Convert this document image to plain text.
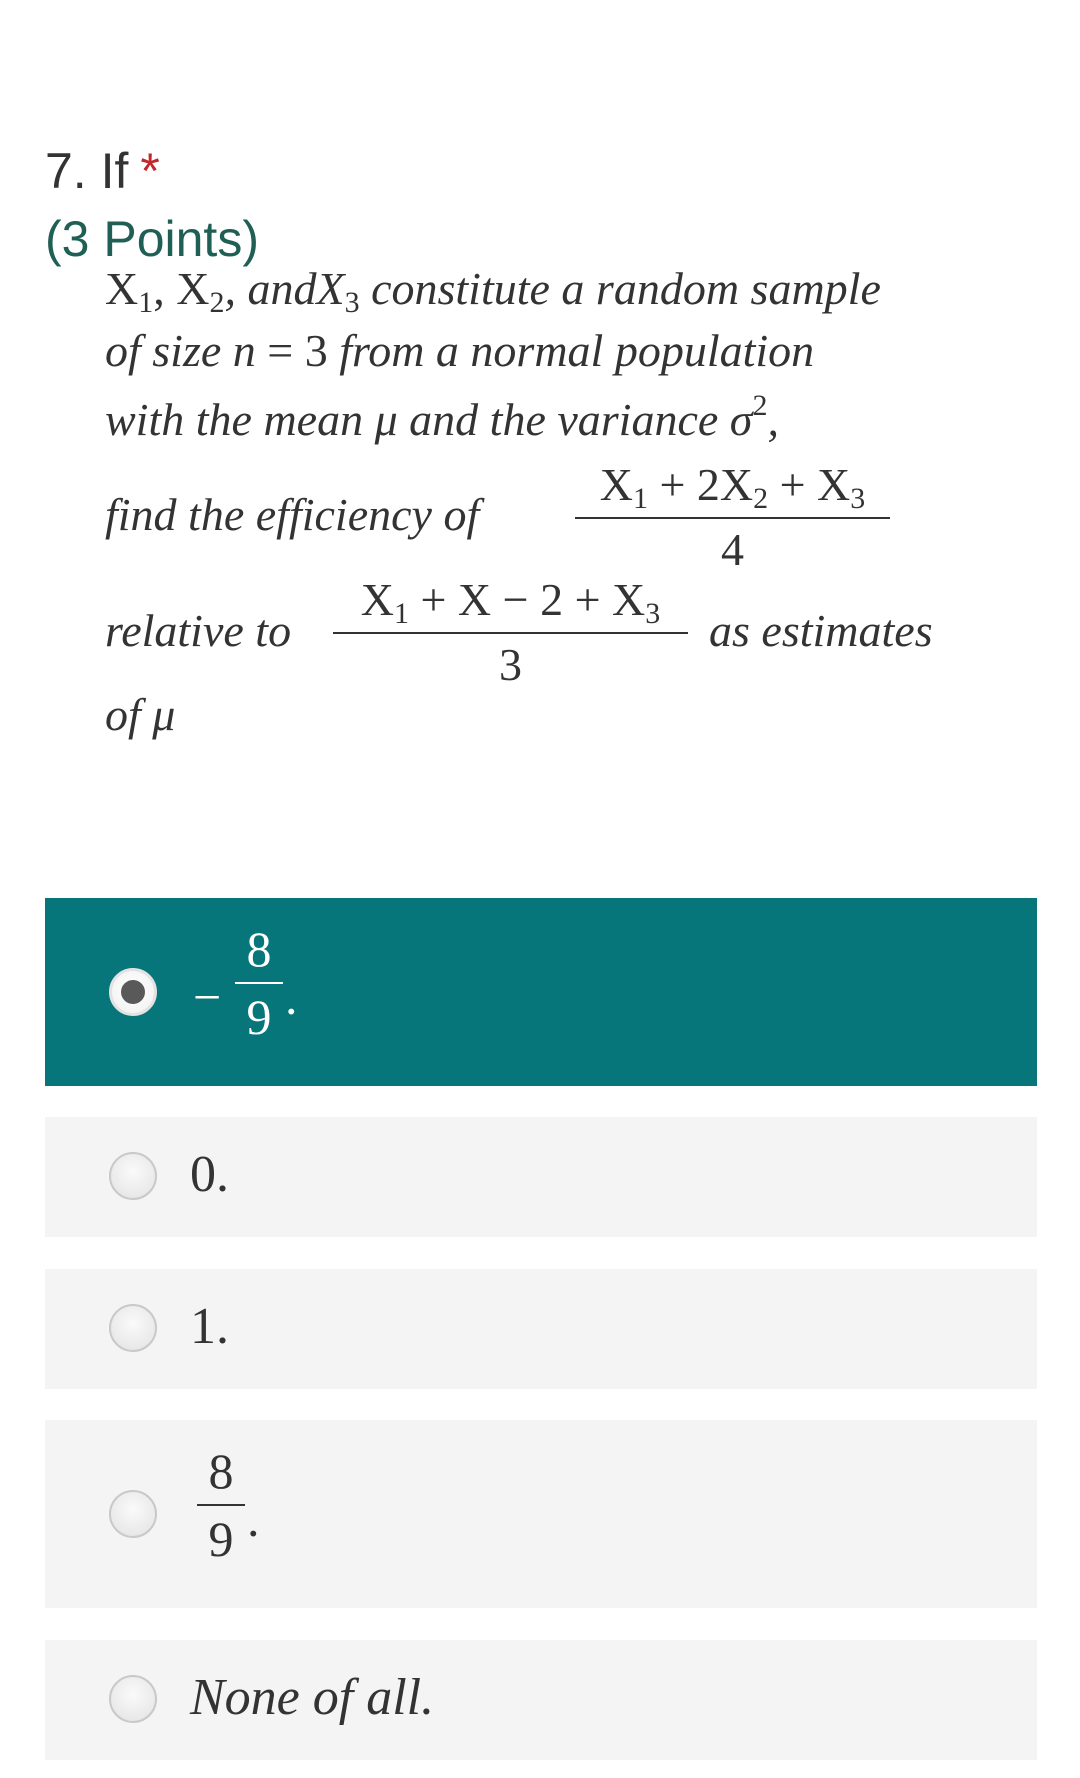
7. If *
(3 Points)
$X_1$, $X_2$, andX$_3$ constitute a random sample
of size n = 3 from a normal population
with the mean μ and the variance $\sigma^2$,
find the efficiency of
$X_1 + 2X_2 + X_3$
4
relative to
$X_1 + X - 2 + X_3$
3
as estimates
of μ
−
8
9 .
0.
1.
8
9 .
None of all.
